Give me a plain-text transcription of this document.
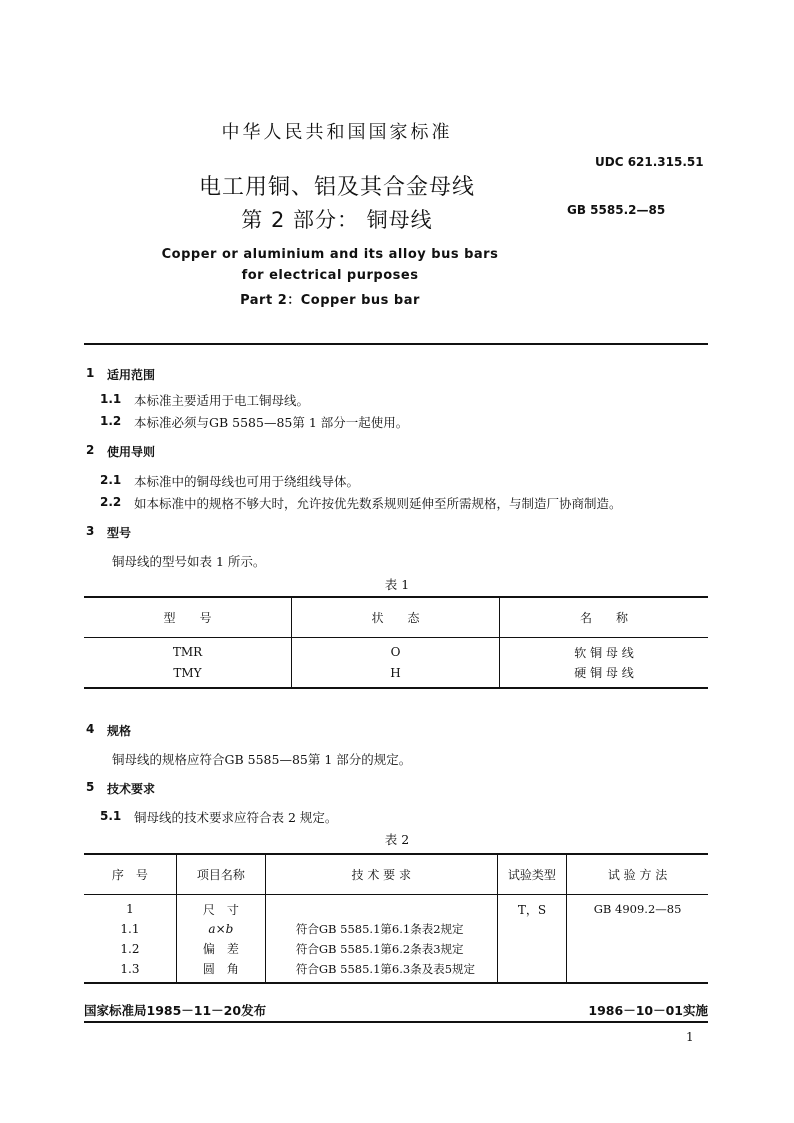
中华人民共和国国家标准
UDC 621.315.51
电工用铜、铝及其合金母线
第 2 部分： 铜母线	GB 5585.2—85
Copper or aluminium and its alloy bus bars
for electrical purposes
Part 2：Copper bus bar
1 适用范围
1.1 本标准主要适用于电工铜母线。
1.2 本标准必须与GB 5585—85第 1 部分一起使用。
2 使用导则
2.1 本标准中的铜母线也可用于绕组线导体。
2.2 如本标准中的规格不够大时，允许按优先数系规则延伸至所需规格，与制造厂协商制造。
3 型号
铜母线的型号如表 1 所示。
表 1
型　　号	状　　态	名　　称
TMR	O	软 铜 母 线
TMY	H	硬 铜 母 线
4 规格
铜母线的规格应符合GB 5585—85第 1 部分的规定。
5 技术要求
5.1 铜母线的技术要求应符合表 2 规定。
表 2
序　号	项目名称	技 术 要 求	试验类型	试 验 方 法
1	尺　寸		T，S	GB 4909.2—85
1.1	a×b	符合GB 5585.1第6.1条表2规定		
1.2	偏　差	符合GB 5585.1第6.2条表3规定		
1.3	圆　角	符合GB 5585.1第6.3条及表5规定		
国家标准局1985－11－20发布	1986－10－01实施
1
